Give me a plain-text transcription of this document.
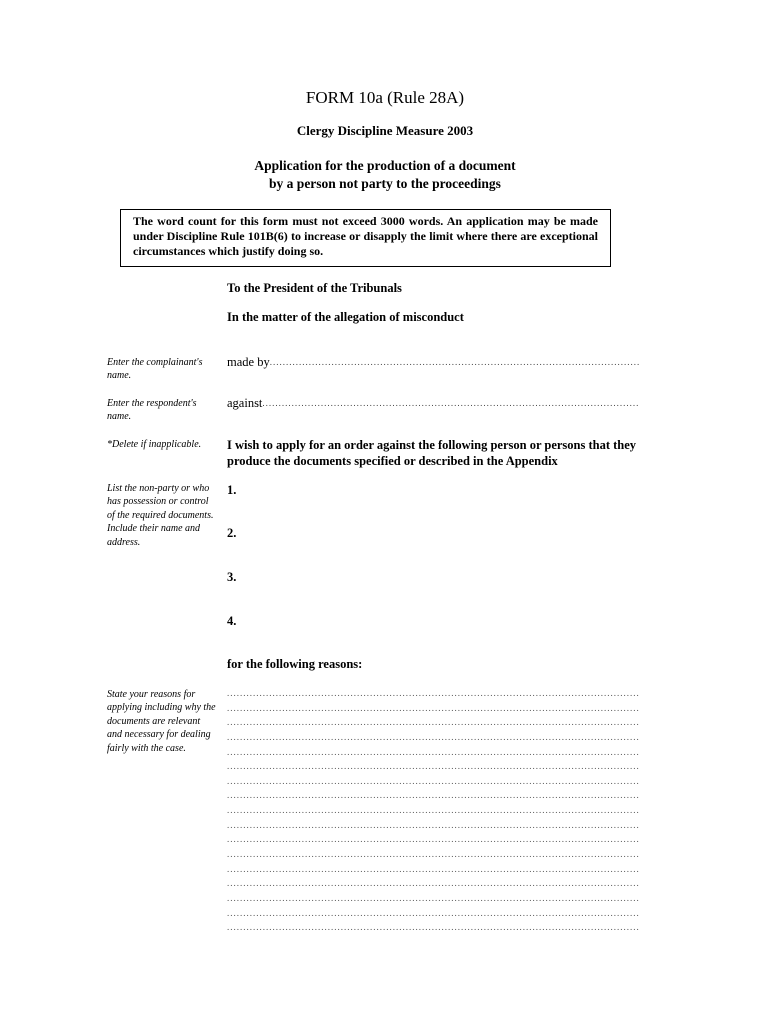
FORM 10a (Rule 28A)
Clergy Discipline Measure 2003
Application for the production of a document
by a person not party to the proceedings
The word count for this form must not exceed 3000 words. An application may be made under Discipline Rule 101B(6) to increase or disapply the limit where there are exceptional circumstances which justify doing so.
To the President of the Tribunals
In the matter of the allegation of misconduct
Enter the complainant's name.
made by
.....
Enter the respondent's name.
against
.....
*Delete if inapplicable.	I wish to apply for an order against the following person or persons that they produce the documents specified or described in the Appendix
List the non-party or who has possession or control of the required documents. Include their name and address.
1.
2.
3.
4.
for the following reasons:
State your reasons for applying including why the documents are relevant and necessary for dealing fairly with the case.
.....
.....
.....
.....
.....
.....
.....
.....
.....
.....
.....
.....
.....
.....
.....
.....
.....
